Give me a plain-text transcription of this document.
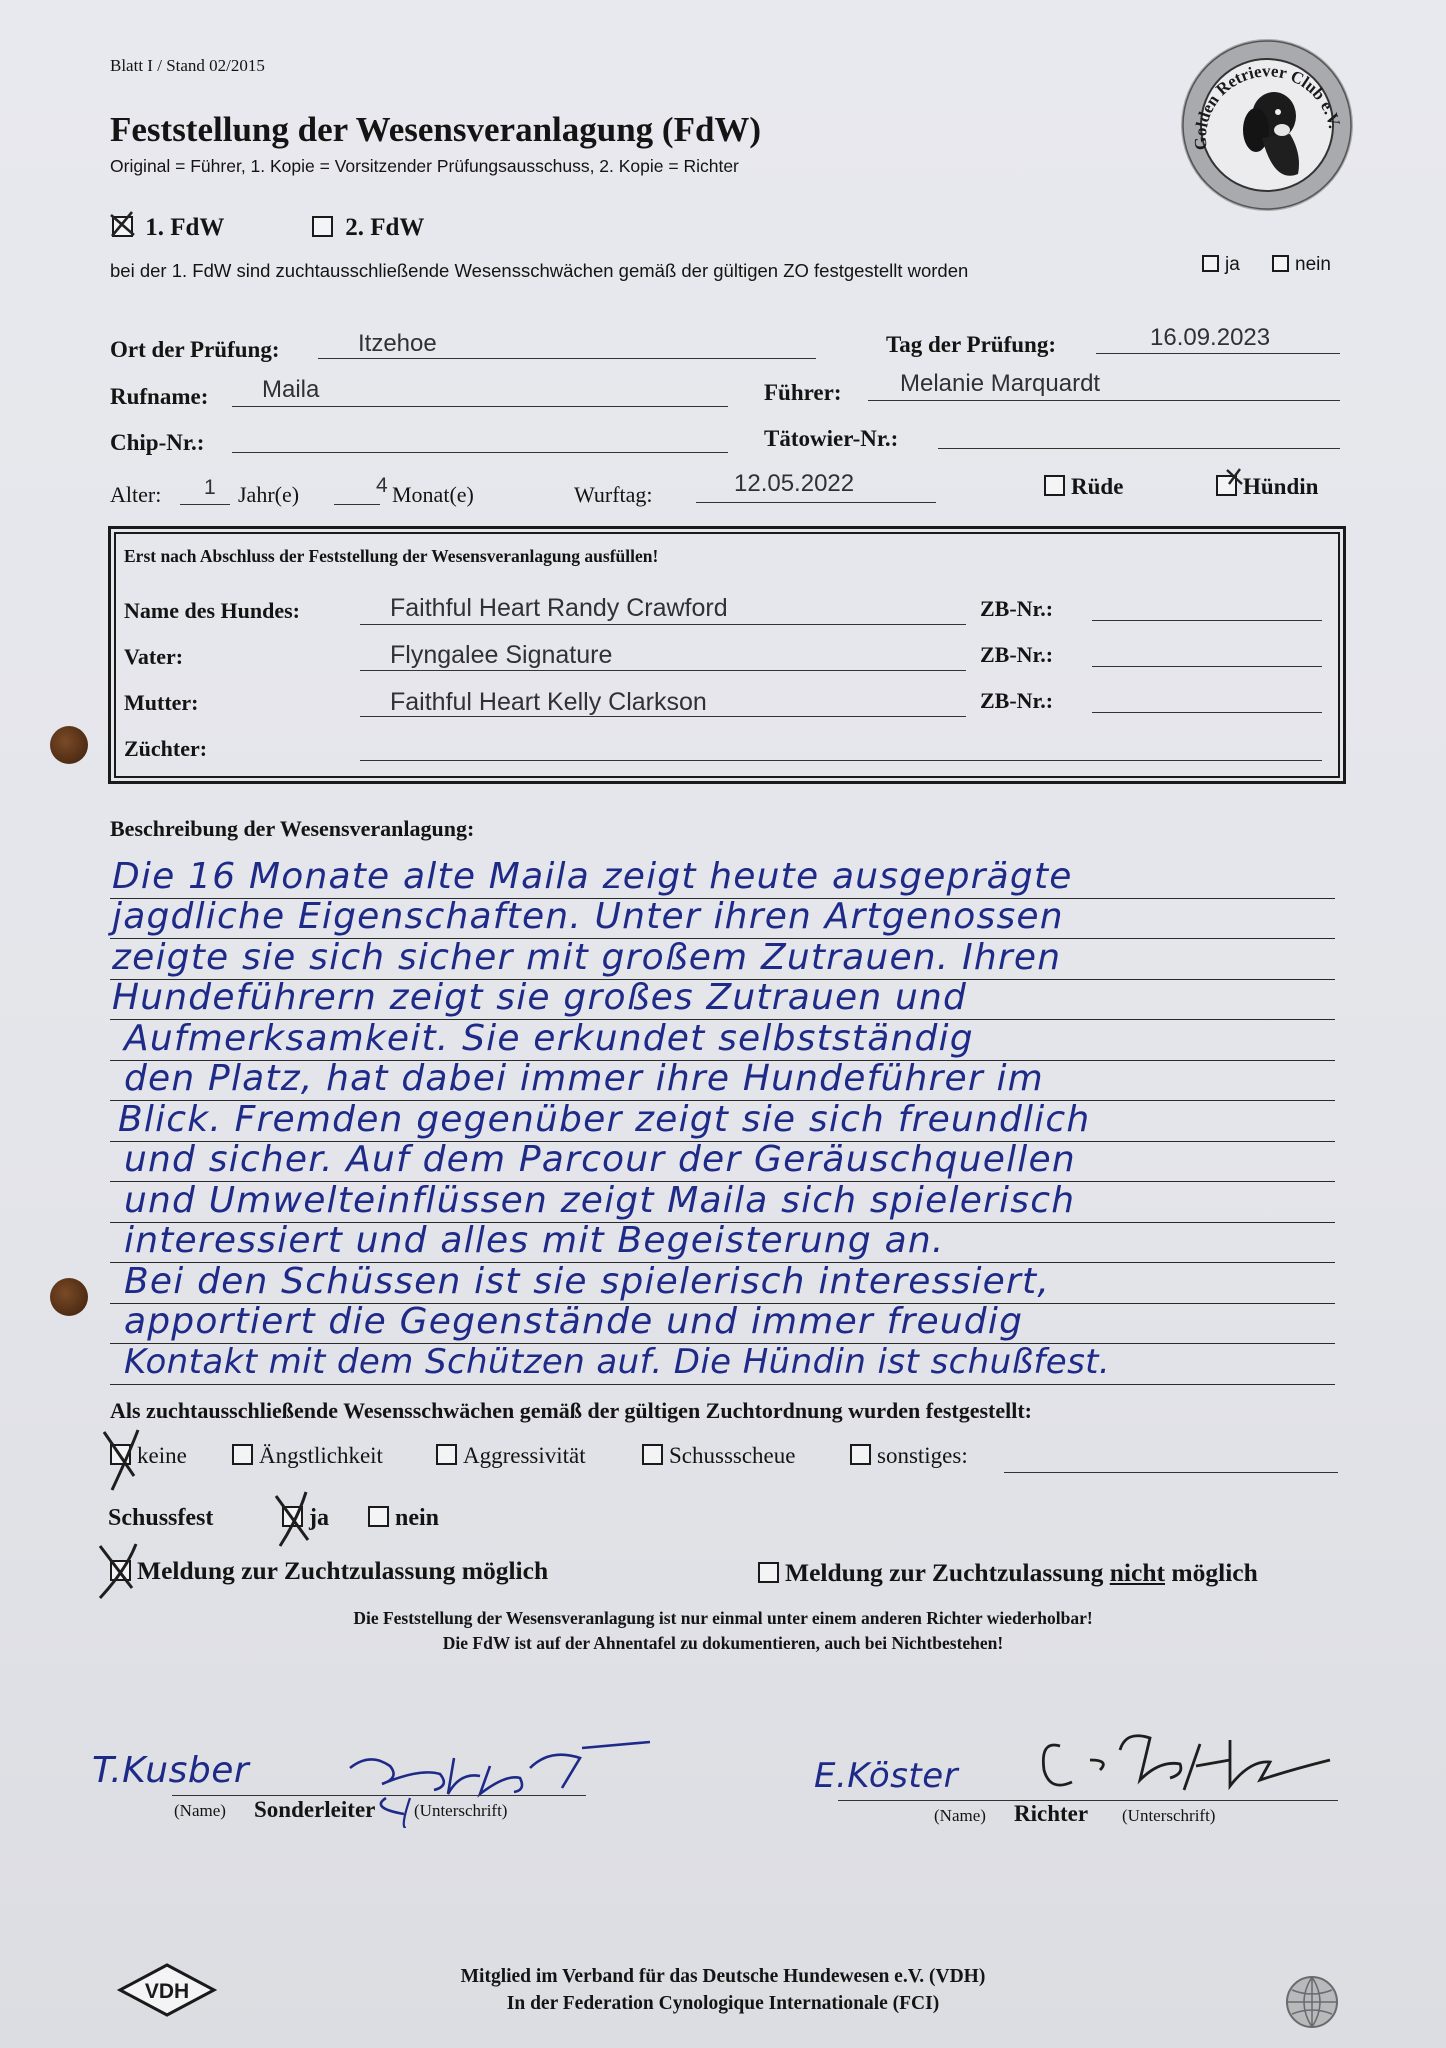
Blatt I / Stand 02/2015
Feststellung der Wesensveranlagung (FdW)
Original = Führer, 1. Kopie = Vorsitzender Prüfungsausschuss, 2. Kopie = Richter
Golden Retriever Club e.V.
1. FdW	2. FdW
bei der 1. FdW sind zuchtausschließende Wesensschwächen gemäß der gültigen ZO festgestellt worden	ja	nein
Ort der Prüfung:	Itzehoe	Tag der Prüfung:	16.09.2023
Rufname: Maila	Führer: Melanie Marquardt
Chip-Nr.:	Tätowier-Nr.:
Alter: 1 Jahr(e)	4 Monat(e)	Wurftag:	12.05.2022	Rüde	Hündin
Erst nach Abschluss der Feststellung der Wesensveranlagung ausfüllen!
Name des Hundes:	Faithful Heart Randy Crawford	ZB-Nr.:
Vater:	Flyngalee Signature	ZB-Nr.:
Mutter:	Faithful Heart Kelly Clarkson	ZB-Nr.:
Züchter:
Beschreibung der Wesensveranlagung:
Die 16 Monate alte Maila zeigt heute ausgeprägte
jagdliche Eigenschaften. Unter ihren Artgenossen
zeigte sie sich sicher mit großem Zutrauen. Ihren
Hundeführern zeigt sie großes Zutrauen und
Aufmerksamkeit. Sie erkundet selbstständig
den Platz, hat dabei immer ihre Hundeführer im
Blick. Fremden gegenüber zeigt sie sich freundlich
und sicher. Auf dem Parcour der Geräuschquellen
und Umwelteinflüssen zeigt Maila sich spielerisch
interessiert und alles mit Begeisterung an.
Bei den Schüssen ist sie spielerisch interessiert,
apportiert die Gegenstände und immer freudig
Kontakt mit dem Schützen auf. Die Hündin ist schußfest.
Als zuchtausschließende Wesensschwächen gemäß der gültigen Zuchtordnung wurden festgestellt:
keine	Ängstlichkeit	Aggressivität	Schussscheue	sonstiges:
Schussfest	ja	nein
Meldung zur Zuchtzulassung möglich	Meldung zur Zuchtzulassung nicht möglich
Die Feststellung der Wesensveranlagung ist nur einmal unter einem anderen Richter wiederholbar!
Die FdW ist auf der Ahnentafel zu dokumentieren, auch bei Nichtbestehen!
T.Kusber
(Name) Sonderleiter (Unterschrift)
E.Köster
(Name) Richter (Unterschrift)
VDH
Mitglied im Verband für das Deutsche Hundewesen e.V. (VDH)
In der Federation Cynologique Internationale (FCI)
